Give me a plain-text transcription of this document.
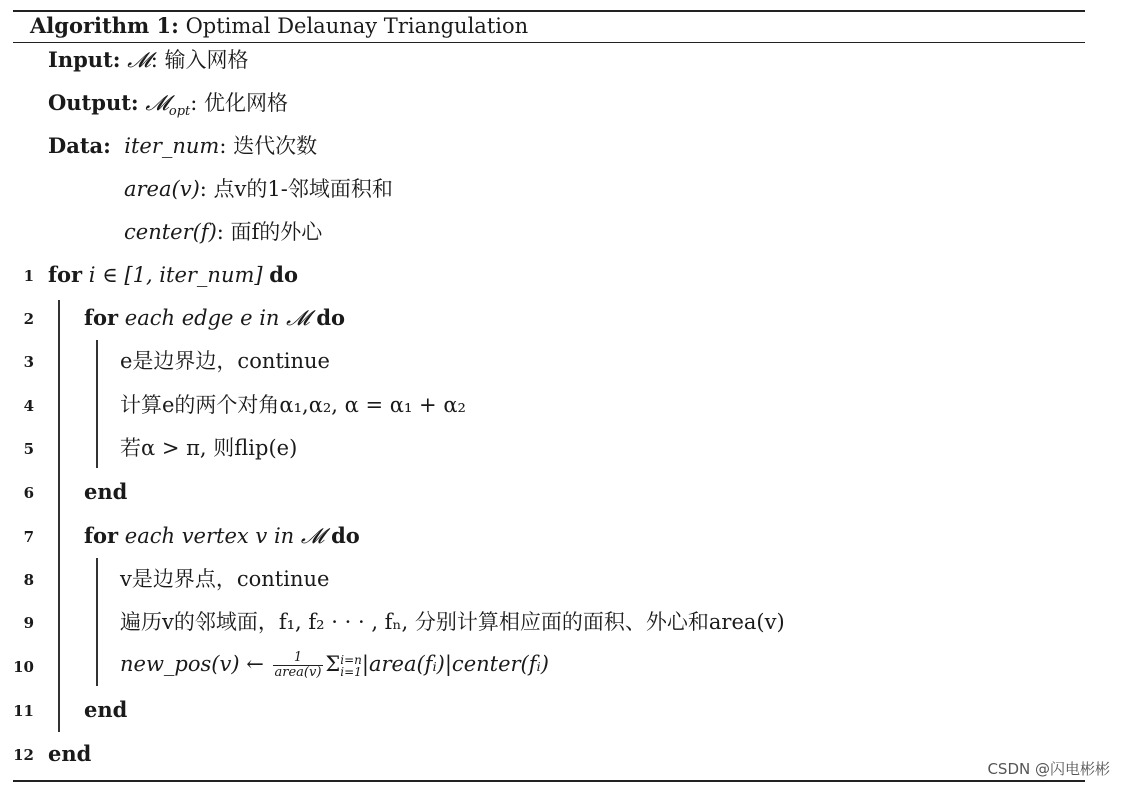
Algorithm 1: Optimal Delaunay Triangulation
Input: 𝓜: 输入网格
Output: 𝓜$_{opt}$: 优化网格
Data: iter_num: 迭代次数
area(v): 点v的1-邻域面积和
center(f): 面f的外心
1 for i ∈ [1, iter_num] do
2 for each edge e in 𝓜 do
3	e是边界边，continue
4	计算e的两个对角α₁,α₂, α = α₁ + α₂
5	若α > π, 则flip(e)
6 end
7 for each vertex v in 𝓜 do
8	v是边界点，continue
9	遍历v的邻域面，f₁, f₂ · · · , fₙ, 分别计算相应面的面积、外心和area(v)
10	new_pos(v) ← $\frac{1}{\text{area(v)}}$ Σ i=n
i=1 |area(fᵢ)|center(fᵢ)
11 end
12 end
CSDN @闪电彬彬
